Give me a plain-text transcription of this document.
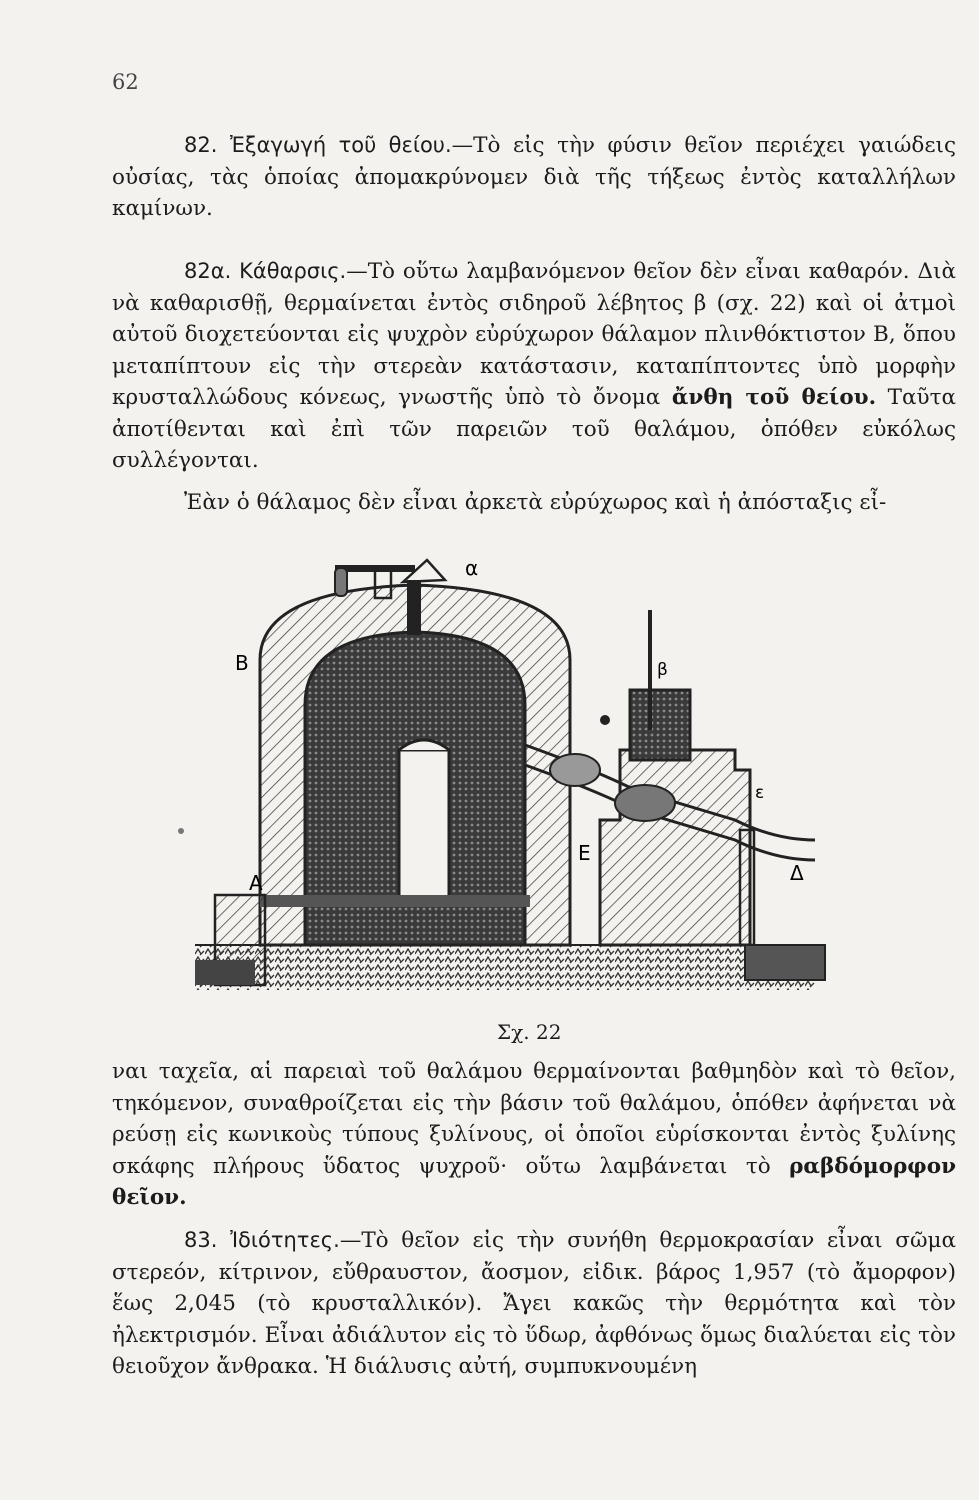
62

82. Ἐξαγωγή τοῦ θείου.—Τὸ εἰς τὴν φύσιν θεῖον περιέχει γαιώδεις οὐσίας, τὰς ὁποίας ἀπομακρύνομεν διὰ τῆς τήξεως ἐντὸς καταλλήλων καμίνων.

82α. Κάθαρσις.—Τὸ οὕτω λαμβανόμενον θεῖον δὲν εἶναι καθαρόν. Διὰ νὰ καθαρισθῇ, θερμαίνεται ἐντὸς σιδηροῦ λέβητος β (σχ. 22) καὶ οἱ ἀτμοὶ αὐτοῦ διοχετεύονται εἰς ψυχρὸν εὐρύχωρον θάλαμον πλινθόκτιστον Β, ὅπου μεταπίπτουν εἰς τὴν στερεὰν κατάστασιν, καταπίπτοντες ὑπὸ μορφὴν κρυσταλλώδους κόνεως, γνωστῆς ὑπὸ τὸ ὄνομα ἄνθη τοῦ θείου. Ταῦτα ἀποτίθενται καὶ ἐπὶ τῶν παρειῶν τοῦ θαλάμου, ὁπόθεν εὐκόλως συλλέγονται.

Ἐὰν ὁ θάλαμος δὲν εἶναι ἀρκετὰ εὐρύχωρος καὶ ἡ ἀπόσταξις εἶ-

α
Β	β
Α
Ε
ε
Δ
Σχ. 22

ναι ταχεῖα, αἱ παρειαὶ τοῦ θαλάμου θερμαίνονται βαθμηδὸν καὶ τὸ θεῖον, τηκόμενον, συναθροίζεται εἰς τὴν βάσιν τοῦ θαλάμου, ὁπόθεν ἀφήνεται νὰ ρεύσῃ εἰς κωνικοὺς τύπους ξυλίνους, οἱ ὁποῖοι εὑρίσκονται ἐντὸς ξυλίνης σκάφης πλήρους ὕδατος ψυχροῦ· οὕτω λαμβάνεται τὸ ραβδόμορφον θεῖον.

83. Ἰδιότητες.—Τὸ θεῖον εἰς τὴν συνήθη θερμοκρασίαν εἶναι σῶμα στερεόν, κίτρινον, εὔθραυστον, ἄοσμον, εἰδικ. βάρος 1,957 (τὸ ἄμορφον) ἕως 2,045 (τὸ κρυσταλλικόν). Ἄγει κακῶς τὴν θερμότητα καὶ τὸν ἠλεκτρισμόν. Εἶναι ἀδιάλυτον εἰς τὸ ὕδωρ, ἀφθόνως ὅμως διαλύεται εἰς τὸν θειοῦχον ἄνθρακα. Ἡ διάλυσις αὐτή, συμπυκνουμένη
